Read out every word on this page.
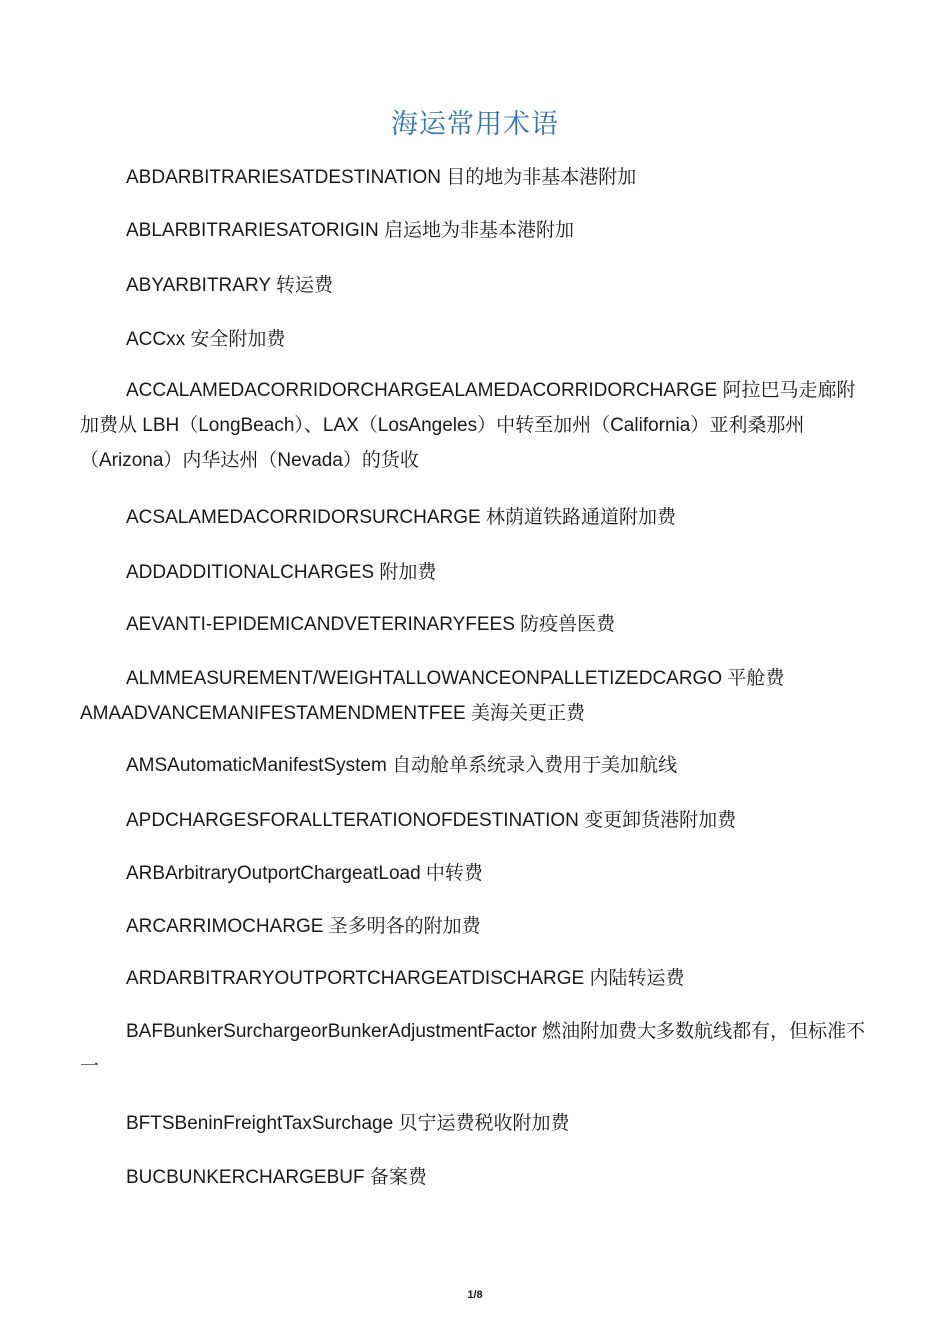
海运常用术语

ABDARBITRARIESATDESTINATION 目的地为非基本港附加

ABLARBITRARIESATORIGIN 启运地为非基本港附加

ABYARBITRARY 转运费

ACCxx 安全附加费

ACCALAMEDACORRIDORCHARGEALAMEDACORRIDORCHARGE 阿拉巴马走廊附加费从 LBH（LongBeach）、LAX（LosAngeles）中转至加州（California）亚利桑那州（Arizona）内华达州（Nevada）的货收

ACSALAMEDACORRIDORSURCHARGE 林荫道铁路通道附加费

ADDADDITIONALCHARGES 附加费

AEVANTI-EPIDEMICANDVETERINARYFEES 防疫兽医费

ALMMEASUREMENT/WEIGHTALLOWANCEONPALLETIZEDCARGO 平舱费

AMAADVANCEMANIFESTAMENDMENTFEE 美海关更正费

AMSAutomaticManifestSystem 自动舱单系统录入费用于美加航线

APDCHARGESFORALLTERATIONOFDESTINATION 变更卸货港附加费

ARBArbitraryOutportChargeatLoad 中转费

ARCARRIMOCHARGE 圣多明各的附加费

ARDARBITRARYOUTPORTCHARGEATDISCHARGE 内陆转运费

BAFBunkerSurchargeorBunkerAdjustmentFactor 燃油附加费大多数航线都有，但标准不一

BFTSBeninFreightTaxSurchage 贝宁运费税收附加费

BUCBUNKERCHARGEBUF 备案费

1/8
